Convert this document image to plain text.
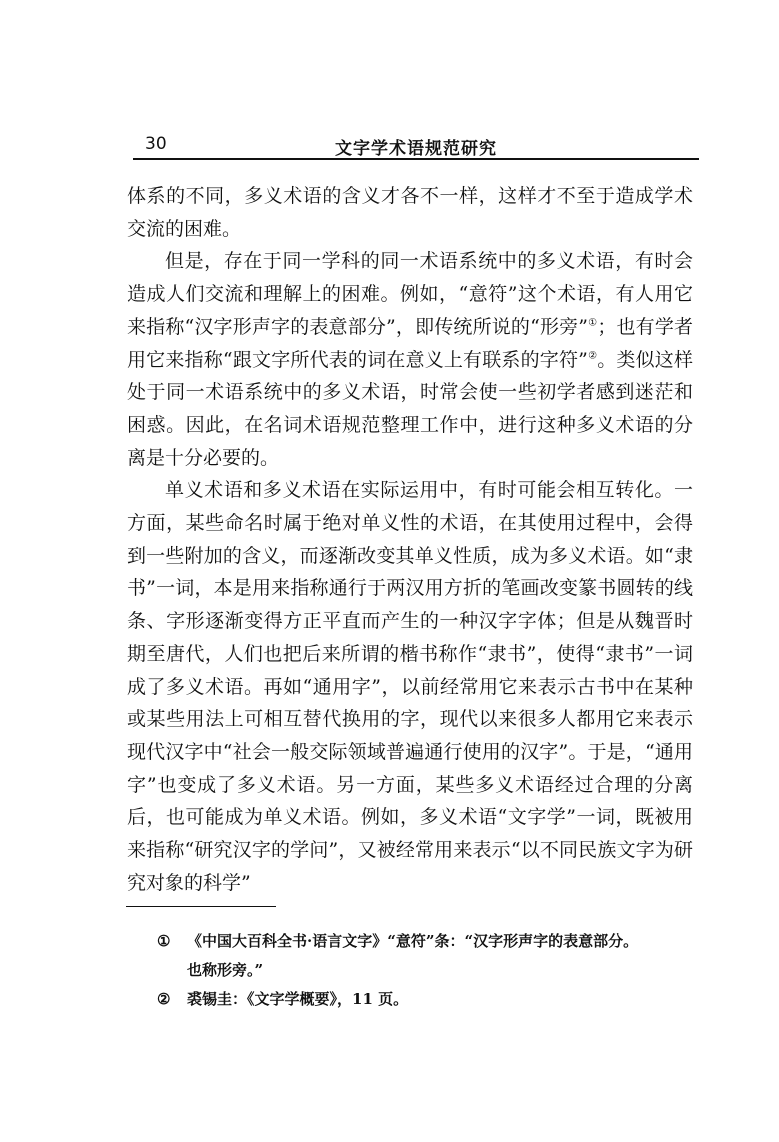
30	文字学术语规范研究

体系的不同，多义术语的含义才各不一样，这样才不至于造成学术交流的困难。

但是，存在于同一学科的同一术语系统中的多义术语，有时会造成人们交流和理解上的困难。例如，“意符”这个术语，有人用它来指称“汉字形声字的表意部分”，即传统所说的“形旁”①；也有学者用它来指称“跟文字所代表的词在意义上有联系的字符”②。类似这样处于同一术语系统中的多义术语，时常会使一些初学者感到迷茫和困惑。因此，在名词术语规范整理工作中，进行这种多义术语的分离是十分必要的。

单义术语和多义术语在实际运用中，有时可能会相互转化。一方面，某些命名时属于绝对单义性的术语，在其使用过程中，会得到一些附加的含义，而逐渐改变其单义性质，成为多义术语。如“隶书”一词，本是用来指称通行于两汉用方折的笔画改变篆书圆转的线条、字形逐渐变得方正平直而产生的一种汉字字体；但是从魏晋时期至唐代，人们也把后来所谓的楷书称作“隶书”，使得“隶书”一词成了多义术语。再如“通用字”，以前经常用它来表示古书中在某种或某些用法上可相互替代换用的字，现代以来很多人都用它来表示现代汉字中“社会一般交际领域普遍通行使用的汉字”。于是，“通用字”也变成了多义术语。另一方面，某些多义术语经过合理的分离后，也可能成为单义术语。例如，多义术语“文字学”一词，既被用来指称“研究汉字的学问”，又被经常用来表示“以不同民族文字为研究对象的科学”

① 《中国大百科全书·语言文字》“意符”条：“汉字形声字的表意部分。
也称形旁。”
② 裘锡圭：《文字学概要》，11 页。
